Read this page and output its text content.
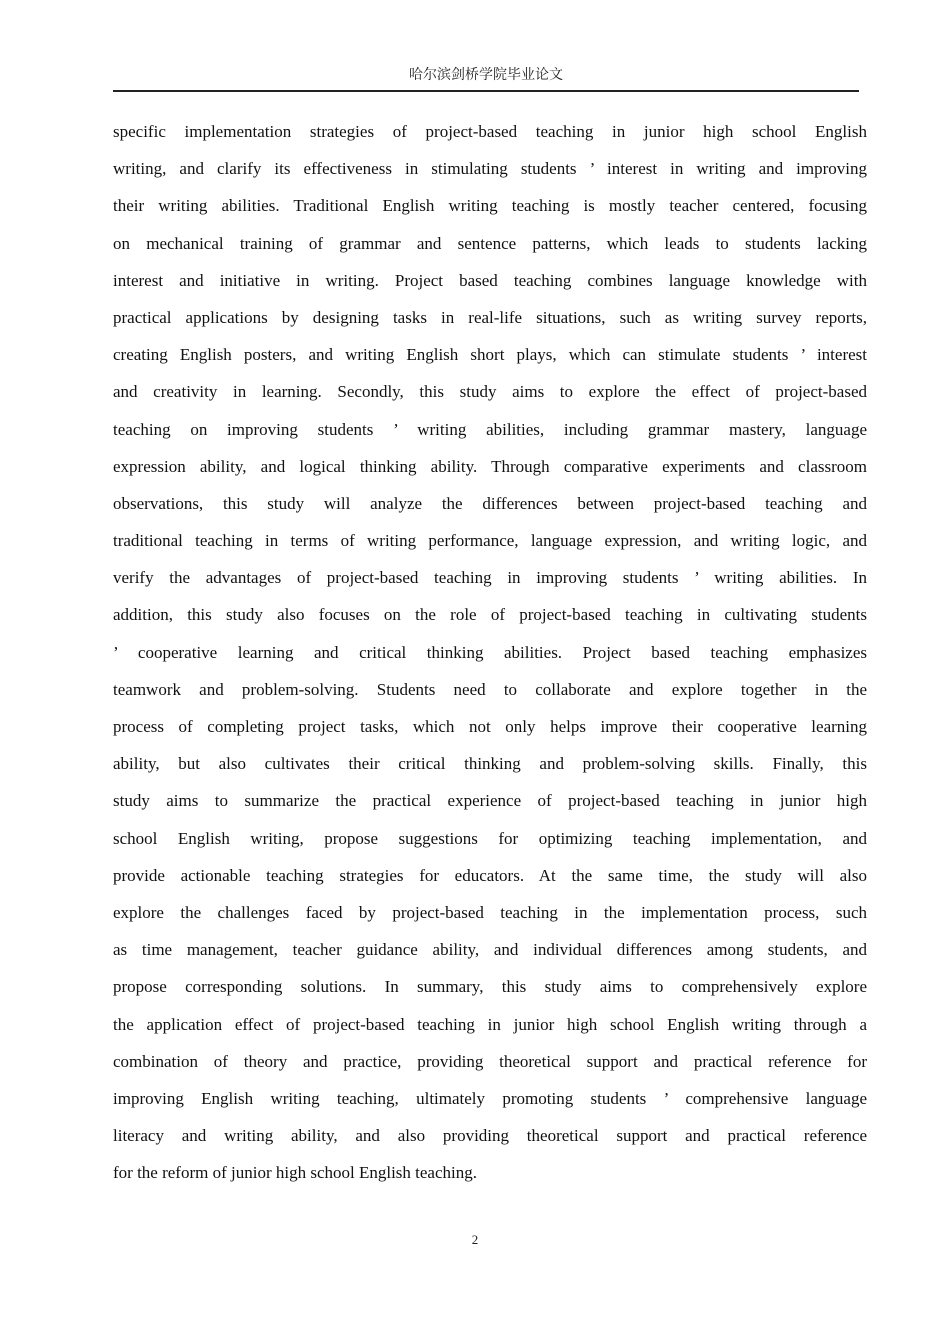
哈尔滨剑桥学院毕业论文
specific implementation strategies of project-based teaching in junior high school English
writing, and clarify its effectiveness in stimulating students ’ interest in writing and improving
their writing abilities. Traditional English writing teaching is mostly teacher centered, focusing
on mechanical training of grammar and sentence patterns, which leads to students lacking
interest and initiative in writing. Project based teaching combines language knowledge with
practical applications by designing tasks in real-life situations, such as writing survey reports,
creating English posters, and writing English short plays, which can stimulate students ’ interest
and creativity in learning. Secondly, this study aims to explore the effect of project-based
teaching on improving students ’ writing abilities, including grammar mastery, language
expression ability, and logical thinking ability. Through comparative experiments and classroom
observations, this study will analyze the differences between project-based teaching and
traditional teaching in terms of writing performance, language expression, and writing logic, and
verify the advantages of project-based teaching in improving students ’ writing abilities. In
addition, this study also focuses on the role of project-based teaching in cultivating students
’ cooperative learning and critical thinking abilities. Project based teaching emphasizes
teamwork and problem-solving. Students need to collaborate and explore together in the
process of completing project tasks, which not only helps improve their cooperative learning
ability, but also cultivates their critical thinking and problem-solving skills. Finally, this
study aims to summarize the practical experience of project-based teaching in junior high
school English writing, propose suggestions for optimizing teaching implementation, and
provide actionable teaching strategies for educators. At the same time, the study will also
explore the challenges faced by project-based teaching in the implementation process, such
as time management, teacher guidance ability, and individual differences among students, and
propose corresponding solutions. In summary, this study aims to comprehensively explore
the application effect of project-based teaching in junior high school English writing through a
combination of theory and practice, providing theoretical support and practical reference for
improving English writing teaching, ultimately promoting students ’ comprehensive language
literacy and writing ability, and also providing theoretical support and practical reference
for the reform of junior high school English teaching.
2
